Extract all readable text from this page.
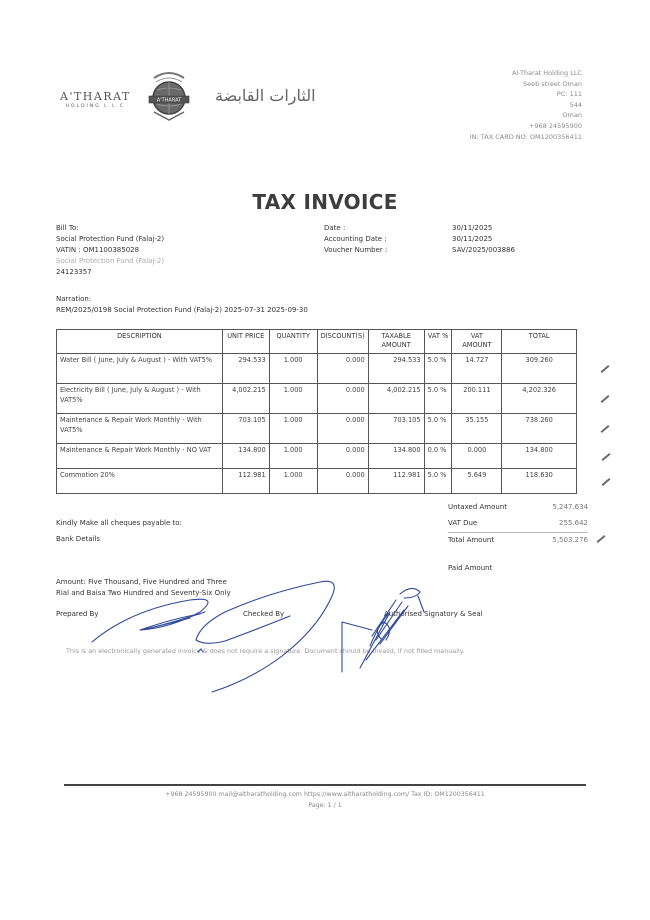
A'THARAT
HOLDING L.L.C
A'THARAT الثارات القابضة
Al-Tharat Holding LLC
Seeb street Oman
PC: 111
544
Oman
+968 24595900
IN: TAX CARD NO: OM1200356411
TAX INVOICE
Bill To:
Social Protection Fund (Falaj-2)
VATIN : OM1100385028
Social Protection Fund (Falaj-2)
24123357
Date :	30/11/2025
Accounting Date :	30/11/2025
Voucher Number :	SAV/2025/003886
Narration:
REM/2025/0198 Social Protection Fund (Falaj-2) 2025-07-31 2025-09-30
DESCRIPTION	UNIT PRICE	QUANTITY	DISCOUNT(S)	TAXABLE AMOUNT	VAT %	VAT AMOUNT	TOTAL
Water Bill ( June, July & August ) - With VAT5%	294.533	1.000	0.000	294.533	5.0 %	14.727	309.260
Electricity Bill ( June, July & August ) - With VAT5%	4,002.215	1.000	0.000	4,002.215	5.0 %	200.111	4,202.326
Maintenance & Repair Work Monthly - With VAT5%	703.105	1.000	0.000	703.105	5.0 %	35.155	738.260
Maintenance & Repair Work Monthly - NO VAT	134.800	1.000	0.000	134.800	0.0 %	0.000	134.800
Commotion 20%	112.981	1.000	0.000	112.981	5.0 %	5.649	118.630
Untaxed Amount	5,247.634
VAT Due	255.642
Total Amount	5,503.276
Paid Amount
Kindly Make all cheques payable to:
Bank Details
Amount: Five Thousand, Five Hundred and Three
Rial and Baisa Two Hundred and Seventy-Six Only
Prepared By	Checked By	Authorised Signatory & Seal
This is an electronically generated invoice & does not require a signature. Document should be invalid, if not filled manually.
+968 24595900 mail@altharatholding.com https://www.altharatholding.com/ Tax ID: OM1200356411
Page: 1 / 1
